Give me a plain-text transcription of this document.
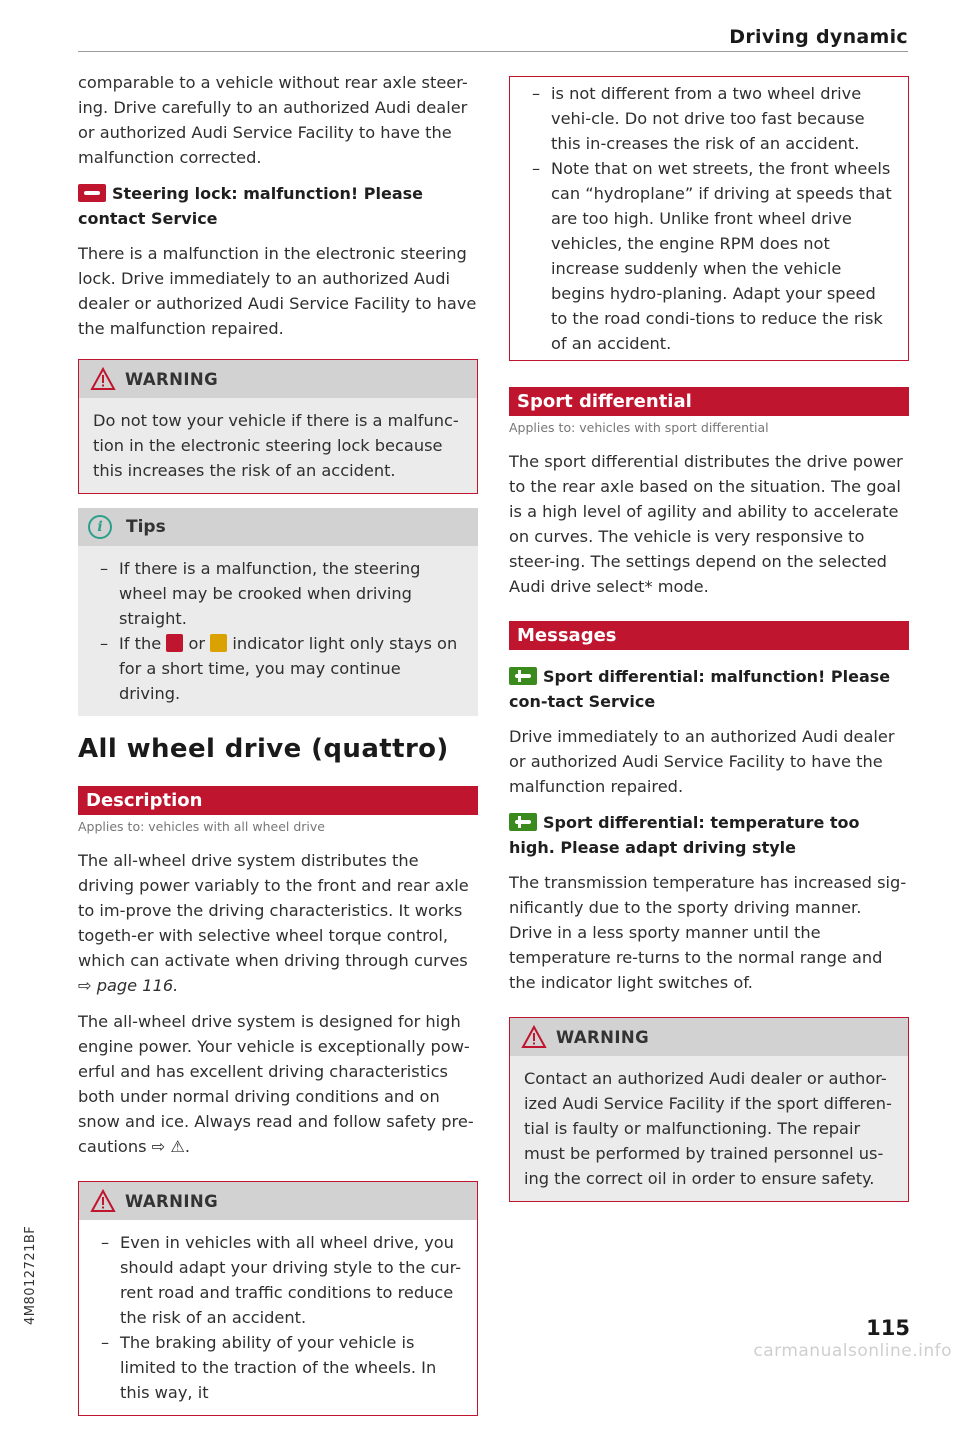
Driving dynamic

comparable to a vehicle without rear axle steer-ing. Drive carefully to an authorized Audi dealer or authorized Audi Service Facility to have the malfunction corrected.

Steering lock: malfunction! Please contact Service

There is a malfunction in the electronic steering lock. Drive immediately to an authorized Audi dealer or authorized Audi Service Facility to have the malfunction repaired.

WARNING
Do not tow your vehicle if there is a malfunc-tion in the electronic steering lock because this increases the risk of an accident.
i	Tips
– If there is a malfunction, the steering wheel may be crooked when driving straight.
– If the or indicator light only stays on for a short time, you may continue driving.
All wheel drive (quattro)
Description
Applies to: vehicles with all wheel drive

The all-wheel drive system distributes the driving power variably to the front and rear axle to im-prove the driving characteristics. It works togeth-er with selective wheel torque control, which can activate when driving through curves
⇨ page 116.

The all-wheel drive system is designed for high engine power. Your vehicle is exceptionally pow-erful and has excellent driving characteristics both under normal driving conditions and on snow and ice. Always read and follow safety pre-cautions ⇨ ⚠.

WARNING
– Even in vehicles with all wheel drive, you should adapt your driving style to the cur-rent road and traffic conditions to reduce the risk of an accident.
– The braking ability of your vehicle is limited to the traction of the wheels. In this way, it
– is not different from a two wheel drive vehi-cle. Do not drive too fast because this in-creases the risk of an accident.
– Note that on wet streets, the front wheels can “hydroplane” if driving at speeds that are too high. Unlike front wheel drive vehicles, the engine RPM does not increase suddenly when the vehicle begins hydro-planing. Adapt your speed to the road condi-tions to reduce the risk of an accident.
Sport differential
Applies to: vehicles with sport differential

The sport differential distributes the drive power to the rear axle based on the situation. The goal is a high level of agility and ability to accelerate on curves. The vehicle is very responsive to steer-ing. The settings depend on the selected Audi drive select* mode.

Messages
Sport differential: malfunction! Please con-tact Service

Drive immediately to an authorized Audi dealer or authorized Audi Service Facility to have the malfunction repaired.

Sport differential: temperature too high. Please adapt driving style

The transmission temperature has increased sig-nificantly due to the sporty driving manner. Drive in a less sporty manner until the temperature re-turns to the normal range and the indicator light switches of.

WARNING
Contact an authorized Audi dealer or author-ized Audi Service Facility if the sport differen-tial is faulty or malfunctioning. The repair must be performed by trained personnel us-ing the correct oil in order to ensure safety.
4M8012721BF
115
carmanualsonline.info
